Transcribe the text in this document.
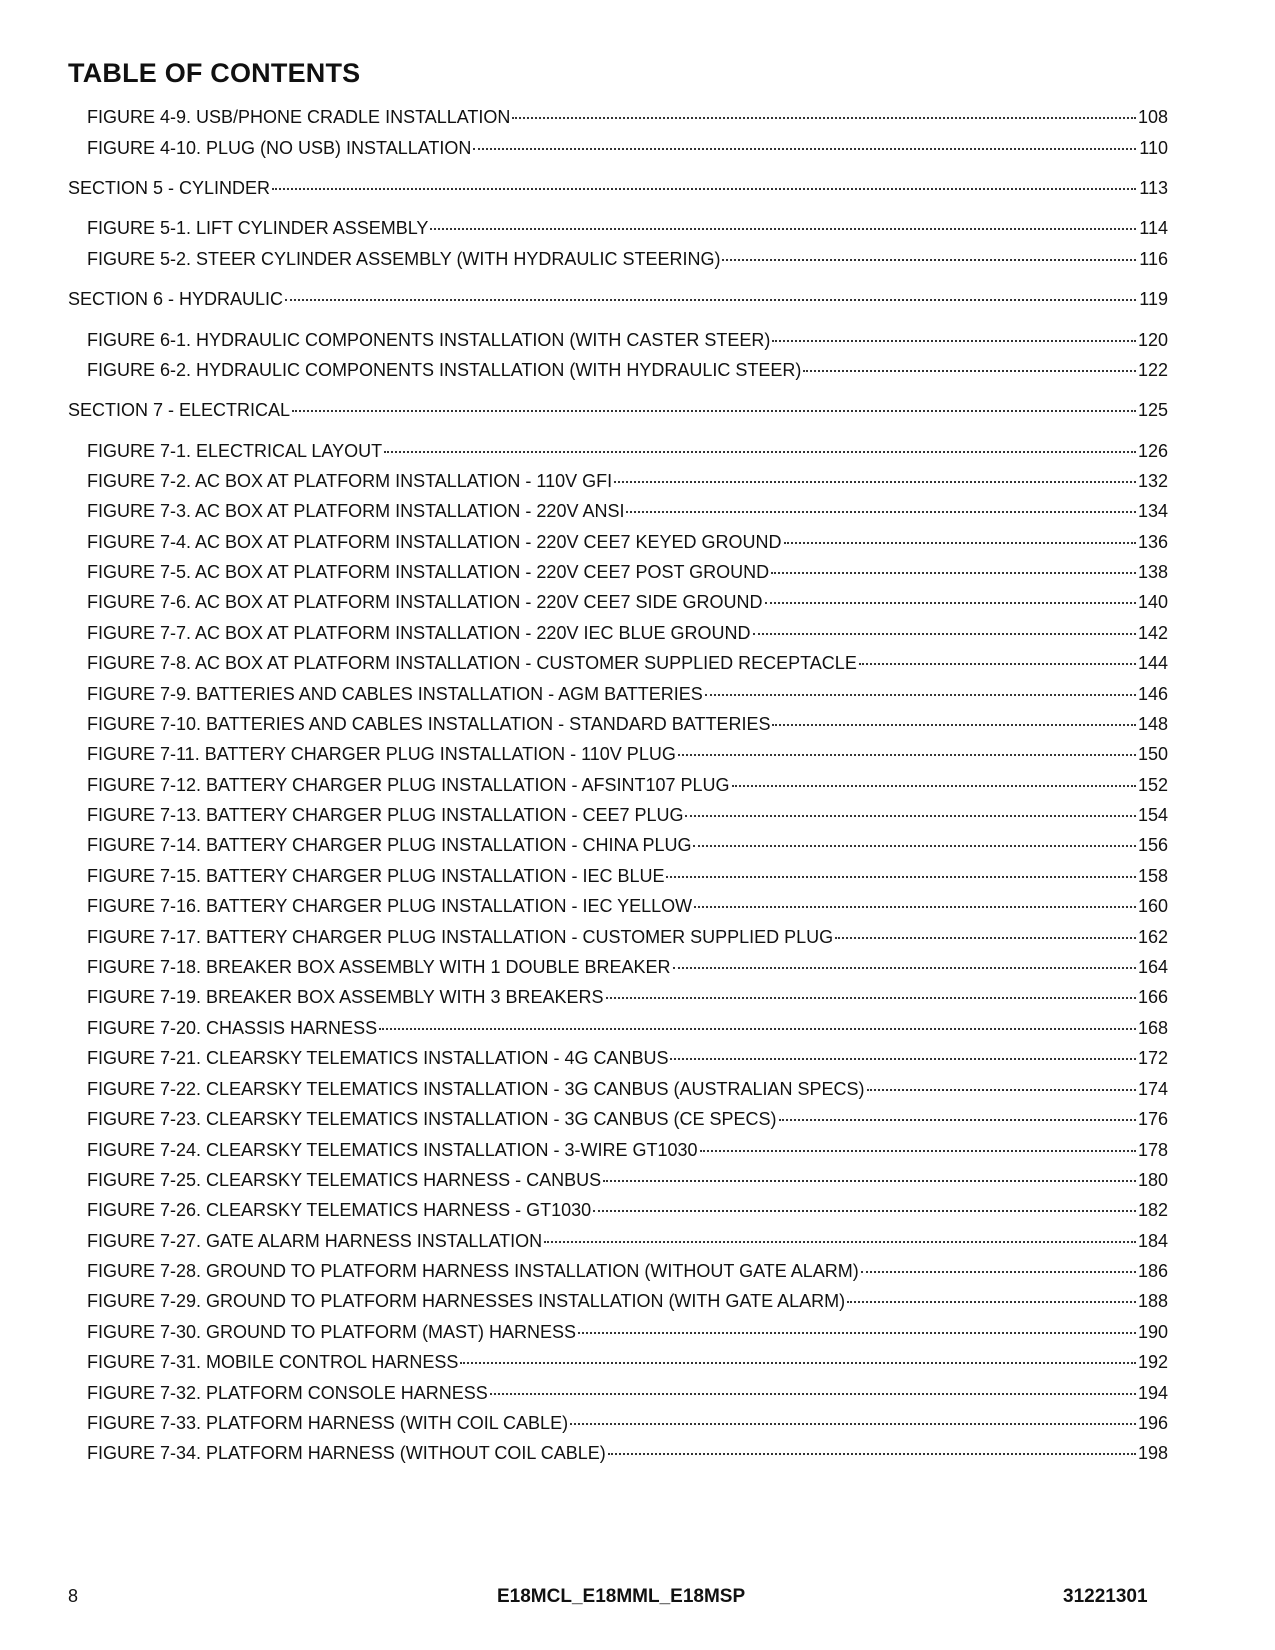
TABLE OF CONTENTS
FIGURE 4-9. USB/PHONE CRADLE INSTALLATION	108
FIGURE 4-10. PLUG (NO USB) INSTALLATION	110
SECTION 5 - CYLINDER	113
FIGURE 5-1. LIFT CYLINDER ASSEMBLY	114
FIGURE 5-2. STEER CYLINDER ASSEMBLY (WITH HYDRAULIC STEERING)	116
SECTION 6 - HYDRAULIC	119
FIGURE 6-1. HYDRAULIC COMPONENTS INSTALLATION (WITH CASTER STEER)	120
FIGURE 6-2. HYDRAULIC COMPONENTS INSTALLATION (WITH HYDRAULIC STEER)	122
SECTION 7 - ELECTRICAL	125
FIGURE 7-1. ELECTRICAL LAYOUT	126
FIGURE 7-2. AC BOX AT PLATFORM INSTALLATION - 110V GFI	132
FIGURE 7-3. AC BOX AT PLATFORM INSTALLATION - 220V ANSI	134
FIGURE 7-4. AC BOX AT PLATFORM INSTALLATION - 220V CEE7 KEYED GROUND	136
FIGURE 7-5. AC BOX AT PLATFORM INSTALLATION - 220V CEE7 POST GROUND	138
FIGURE 7-6. AC BOX AT PLATFORM INSTALLATION - 220V CEE7 SIDE GROUND	140
FIGURE 7-7. AC BOX AT PLATFORM INSTALLATION - 220V IEC BLUE GROUND	142
FIGURE 7-8. AC BOX AT PLATFORM INSTALLATION - CUSTOMER SUPPLIED RECEPTACLE	144
FIGURE 7-9. BATTERIES AND CABLES INSTALLATION - AGM BATTERIES	146
FIGURE 7-10. BATTERIES AND CABLES INSTALLATION - STANDARD BATTERIES	148
FIGURE 7-11. BATTERY CHARGER PLUG INSTALLATION - 110V PLUG	150
FIGURE 7-12. BATTERY CHARGER PLUG INSTALLATION - AFSINT107 PLUG	152
FIGURE 7-13. BATTERY CHARGER PLUG INSTALLATION - CEE7 PLUG	154
FIGURE 7-14. BATTERY CHARGER PLUG INSTALLATION - CHINA PLUG	156
FIGURE 7-15. BATTERY CHARGER PLUG INSTALLATION - IEC BLUE	158
FIGURE 7-16. BATTERY CHARGER PLUG INSTALLATION - IEC YELLOW	160
FIGURE 7-17. BATTERY CHARGER PLUG INSTALLATION - CUSTOMER SUPPLIED PLUG	162
FIGURE 7-18. BREAKER BOX ASSEMBLY WITH 1 DOUBLE BREAKER	164
FIGURE 7-19. BREAKER BOX ASSEMBLY WITH 3 BREAKERS	166
FIGURE 7-20. CHASSIS HARNESS	168
FIGURE 7-21. CLEARSKY TELEMATICS INSTALLATION - 4G CANBUS	172
FIGURE 7-22. CLEARSKY TELEMATICS INSTALLATION - 3G CANBUS (AUSTRALIAN SPECS)	174
FIGURE 7-23. CLEARSKY TELEMATICS INSTALLATION - 3G CANBUS (CE SPECS)	176
FIGURE 7-24. CLEARSKY TELEMATICS INSTALLATION - 3-WIRE GT1030	178
FIGURE 7-25. CLEARSKY TELEMATICS HARNESS - CANBUS	180
FIGURE 7-26. CLEARSKY TELEMATICS HARNESS - GT1030	182
FIGURE 7-27. GATE ALARM HARNESS INSTALLATION	184
FIGURE 7-28. GROUND TO PLATFORM HARNESS INSTALLATION (WITHOUT GATE ALARM)	186
FIGURE 7-29. GROUND TO PLATFORM HARNESSES INSTALLATION (WITH GATE ALARM)	188
FIGURE 7-30. GROUND TO PLATFORM (MAST) HARNESS	190
FIGURE 7-31. MOBILE CONTROL HARNESS	192
FIGURE 7-32. PLATFORM CONSOLE HARNESS	194
FIGURE 7-33. PLATFORM HARNESS (WITH COIL CABLE)	196
FIGURE 7-34. PLATFORM HARNESS (WITHOUT COIL CABLE)	198
8	E18MCL_E18MML_E18MSP	31221301
